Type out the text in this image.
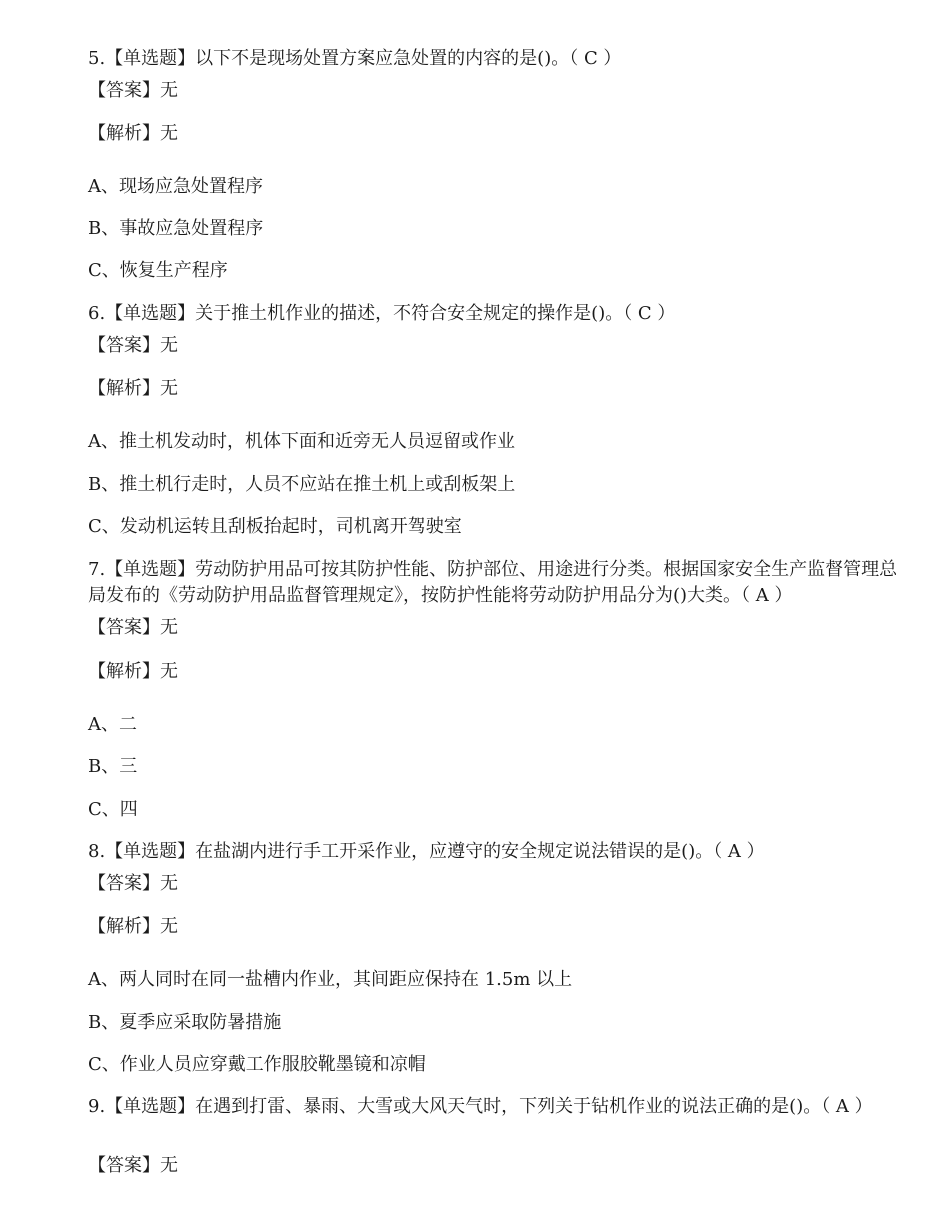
5.【单选题】以下不是现场处置方案应急处置的内容的是()。（ C ）
【答案】无
【解析】无
A、现场应急处置程序
B、事故应急处置程序
C、恢复生产程序
6.【单选题】关于推土机作业的描述，不符合安全规定的操作是()。（ C ）
【答案】无
【解析】无
A、推土机发动时，机体下面和近旁无人员逗留或作业
B、推土机行走时，人员不应站在推土机上或刮板架上
C、发动机运转且刮板抬起时，司机离开驾驶室
7.【单选题】劳动防护用品可按其防护性能、防护部位、用途进行分类。根据国家安全生产监督管理总局发布的《劳动防护用品监督管理规定》，按防护性能将劳动防护用品分为()大类。（ A ）
【答案】无
【解析】无
A、二
B、三
C、四
8.【单选题】在盐湖内进行手工开采作业，应遵守的安全规定说法错误的是()。（ A ）
【答案】无
【解析】无
A、两人同时在同一盐槽内作业，其间距应保持在 1.5m 以上
B、夏季应采取防暑措施
C、作业人员应穿戴工作服胶靴墨镜和凉帽
9.【单选题】在遇到打雷、暴雨、大雪或大风天气时，下列关于钻机作业的说法正确的是()。（ A ）
【答案】无
